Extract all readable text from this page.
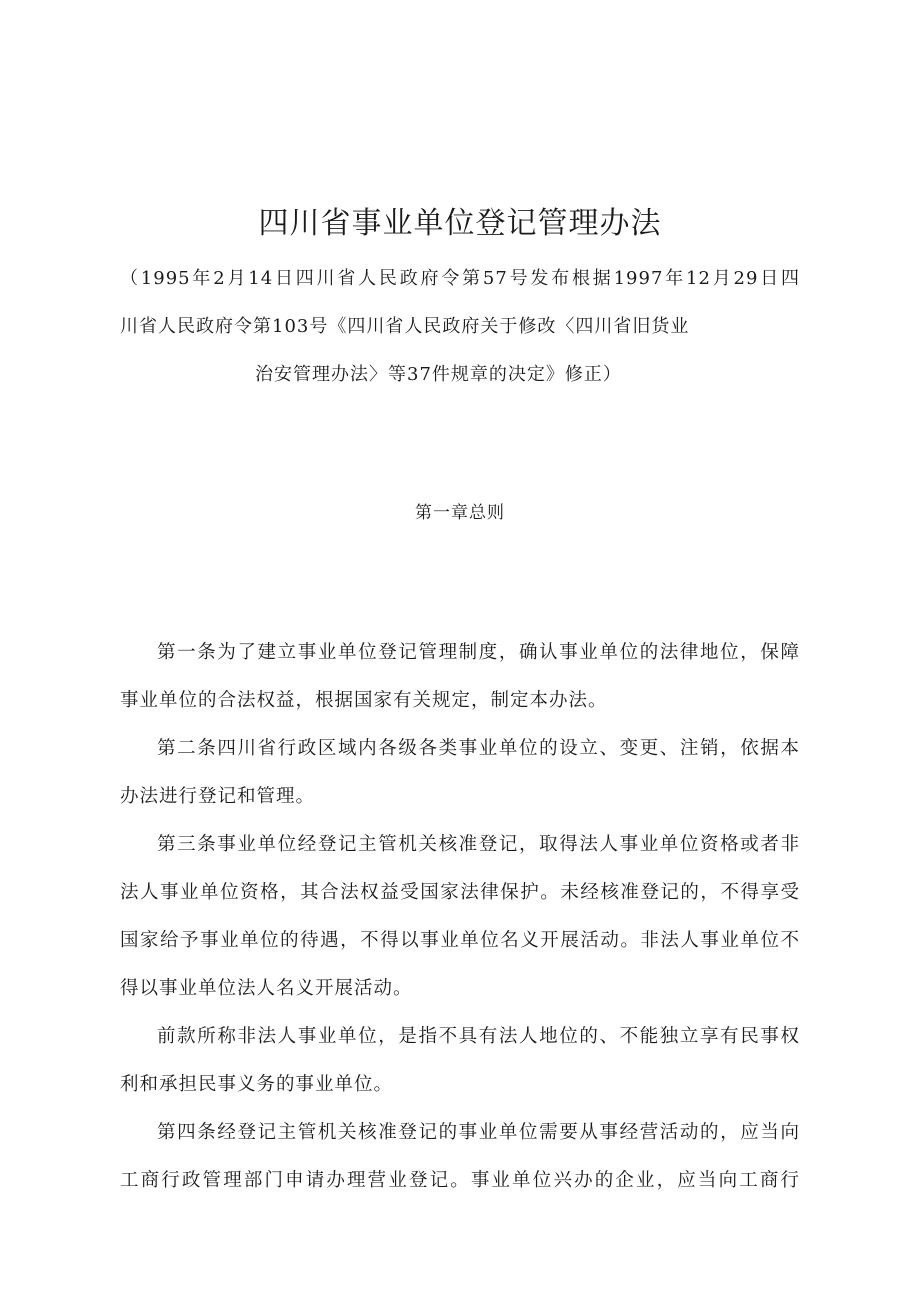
四川省事业单位登记管理办法
（1995年2月14日四川省人民政府令第57号发布根据1997年12月29日四
川省人民政府令第103号《四川省人民政府关于修改〈四川省旧货业
治安管理办法〉等37件规章的决定》修正）
第一章总则
第一条为了建立事业单位登记管理制度，确认事业单位的法律地位，保障
事业单位的合法权益，根据国家有关规定，制定本办法。
第二条四川省行政区域内各级各类事业单位的设立、变更、注销，依据本
办法进行登记和管理。
第三条事业单位经登记主管机关核准登记，取得法人事业单位资格或者非
法人事业单位资格，其合法权益受国家法律保护。未经核准登记的，不得享受
国家给予事业单位的待遇，不得以事业单位名义开展活动。非法人事业单位不
得以事业单位法人名义开展活动。
前款所称非法人事业单位，是指不具有法人地位的、不能独立享有民事权
利和承担民事义务的事业单位。
第四条经登记主管机关核准登记的事业单位需要从事经营活动的，应当向
工商行政管理部门申请办理营业登记。事业单位兴办的企业，应当向工商行
